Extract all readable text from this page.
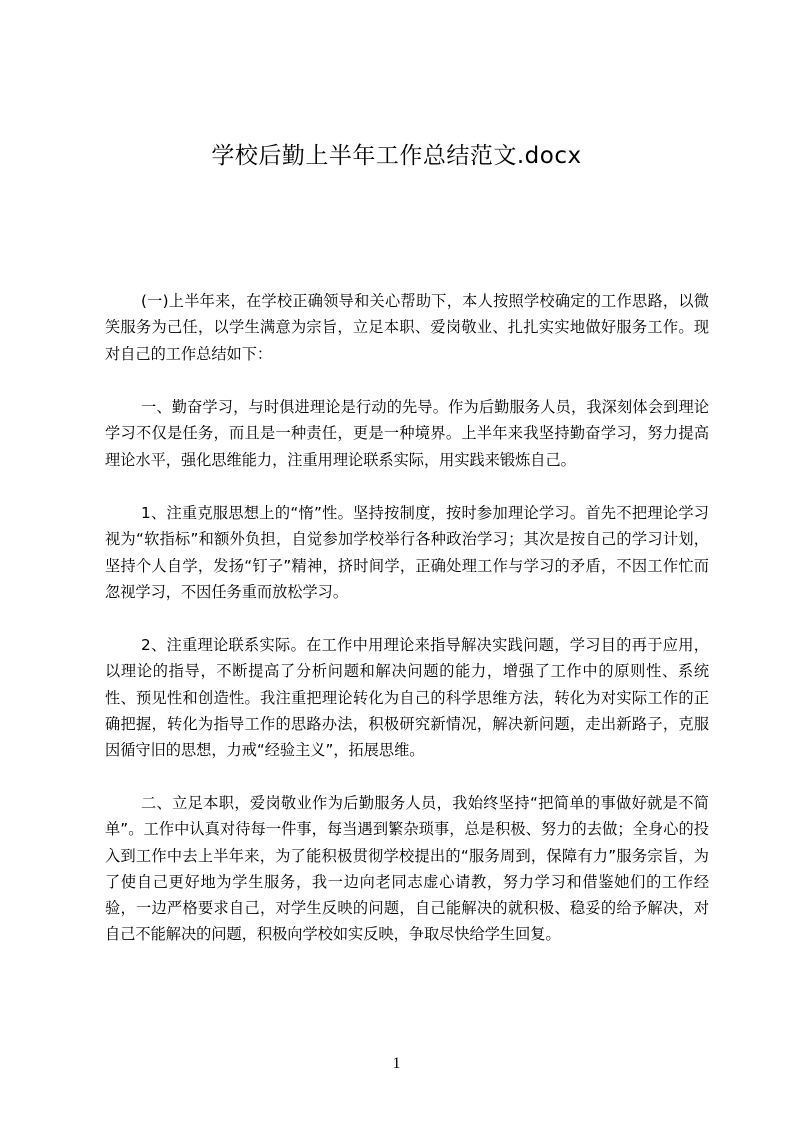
学校后勤上半年工作总结范文.docx

(一)上半年来，在学校正确领导和关心帮助下，本人按照学校确定的工作思路，以微笑服务为己任，以学生满意为宗旨，立足本职、爱岗敬业、扎扎实实地做好服务工作。现对自己的工作总结如下：

一、勤奋学习，与时俱进理论是行动的先导。作为后勤服务人员，我深刻体会到理论学习不仅是任务，而且是一种责任，更是一种境界。上半年来我坚持勤奋学习，努力提高理论水平，强化思维能力，注重用理论联系实际，用实践来锻炼自己。

1、注重克服思想上的“惰”性。坚持按制度，按时参加理论学习。首先不把理论学习视为“软指标”和额外负担，自觉参加学校举行各种政治学习；其次是按自己的学习计划，坚持个人自学，发扬“钉子”精神，挤时间学，正确处理工作与学习的矛盾，不因工作忙而忽视学习，不因任务重而放松学习。

2、注重理论联系实际。在工作中用理论来指导解决实践问题，学习目的再于应用，以理论的指导，不断提高了分析问题和解决问题的能力，增强了工作中的原则性、系统性、预见性和创造性。我注重把理论转化为自己的科学思维方法，转化为对实际工作的正确把握，转化为指导工作的思路办法，积极研究新情况，解决新问题，走出新路子，克服因循守旧的思想，力戒“经验主义”，拓展思维。

二、立足本职，爱岗敬业作为后勤服务人员，我始终坚持“把简单的事做好就是不简单”。工作中认真对待每一件事，每当遇到繁杂琐事，总是积极、努力的去做；全身心的投入到工作中去上半年来，为了能积极贯彻学校提出的“服务周到，保障有力”服务宗旨，为了使自己更好地为学生服务，我一边向老同志虚心请教，努力学习和借鉴她们的工作经验，一边严格要求自己，对学生反映的问题，自己能解决的就积极、稳妥的给予解决，对自己不能解决的问题，积极向学校如实反映，争取尽快给学生回复。

1
